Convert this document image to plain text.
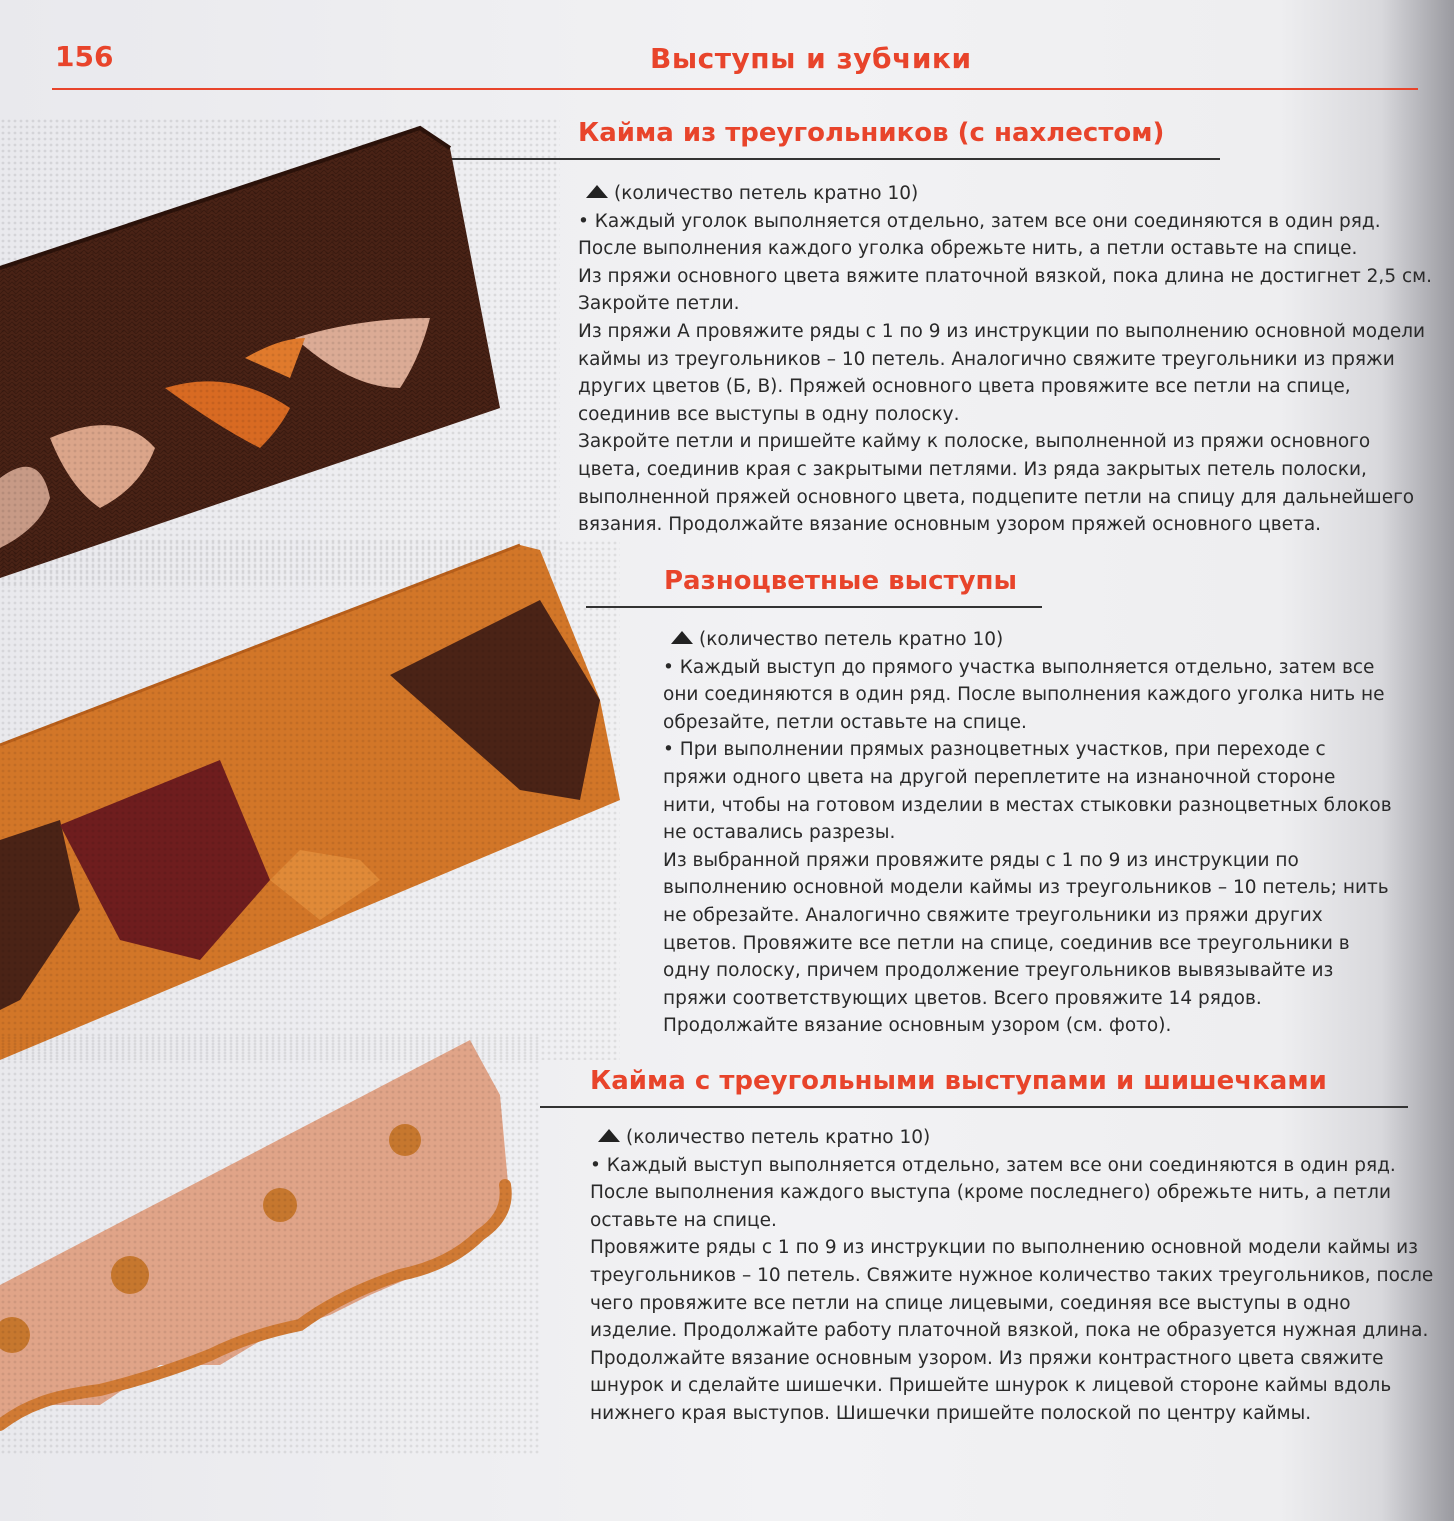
156	Выступы и зубчики
Кайма из треугольников (с нахлестом)

(количество петель кратно 10)

• Каждый уголок выполняется отдельно, затем все они соединяются в один ряд. После выполнения каждого уголка обрежьте нить, а петли оставьте на спице.

Из пряжи основного цвета вяжите платочной вязкой, пока длина не достигнет 2,5 см. Закройте петли.

Из пряжи А провяжите ряды с 1 по 9 из инструкции по выполнению основной модели каймы из треугольников – 10 петель. Аналогично свяжите треугольники из пряжи других цветов (Б, В). Пряжей основного цвета провяжите все петли на спице, соединив все выступы в одну полоску.

Закройте петли и пришейте кайму к полоске, выполненной из пряжи основного цвета, соединив края с закрытыми петлями. Из ряда закрытых петель полоски, выполненной пряжей основного цвета, подцепите петли на спицу для дальнейшего вязания. Продолжайте вязание основным узором пряжей основного цвета.

Разноцветные выступы

(количество петель кратно 10)

• Каждый выступ до прямого участка выполняется отдельно, затем все они соединяются в один ряд. После выполнения каждого уголка нить не обрезайте, петли оставьте на спице.

• При выполнении прямых разноцветных участков, при переходе с пряжи одного цвета на другой переплетите на изнаночной стороне нити, чтобы на готовом изделии в местах стыковки разноцветных блоков не оставались разрезы.

Из выбранной пряжи провяжите ряды с 1 по 9 из инструкции по выполнению основной модели каймы из треугольников – 10 петель; нить не обрезайте. Аналогично свяжите треугольники из пряжи других цветов. Провяжите все петли на спице, соединив все треугольники в одну полоску, причем продолжение треугольников вывязывайте из пряжи соответствующих цветов. Всего провяжите 14 рядов. Продолжайте вязание основным узором (см. фото).

Кайма с треугольными выступами и шишечками

(количество петель кратно 10)

• Каждый выступ выполняется отдельно, затем все они соединяются в один ряд. После выполнения каждого выступа (кроме последнего) обрежьте нить, а петли оставьте на спице.

Провяжите ряды с 1 по 9 из инструкции по выполнению основной модели каймы из треугольников – 10 петель. Свяжите нужное количество таких треугольников, после чего провяжите все петли на спице лицевыми, соединяя все выступы в одно изделие. Продолжайте работу платочной вязкой, пока не образуется нужная длина. Продолжайте вязание основным узором. Из пряжи контрастного цвета свяжите шнурок и сделайте шишечки. Пришейте шнурок к лицевой стороне каймы вдоль нижнего края выступов. Шишечки пришейте полоской по центру каймы.
